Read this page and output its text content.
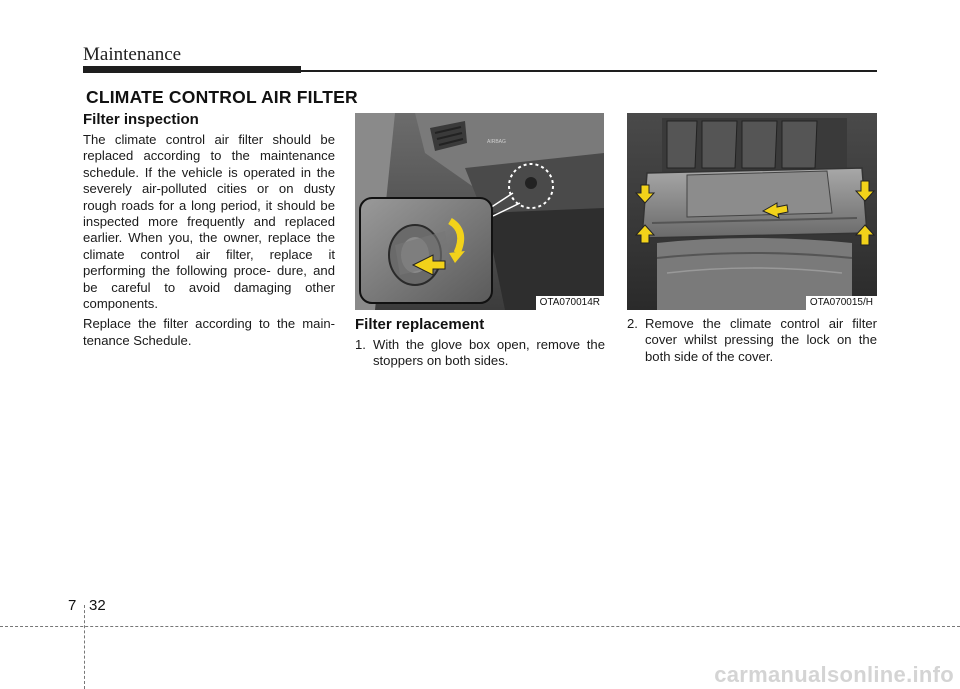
Maintenance
CLIMATE CONTROL AIR FILTER
Filter inspection

The climate control air filter should be replaced according to the maintenance schedule. If the vehicle is operated in the severely air-polluted cities or on dusty rough roads for a long period, it should be inspected more frequently and replaced earlier. When you, the owner, replace the climate control air filter, replace it performing the following proce- dure, and be careful to avoid damaging other components.

Replace the filter according to the main- tenance Schedule.

AIRBAG
OTA070014R
Filter replacement
1. With the glove box open, remove the stoppers on both sides.
OTA070015/H
2. Remove the climate control air filter cover whilst pressing the lock on the both side of the cover.
7 32
carmanualsonline.info
